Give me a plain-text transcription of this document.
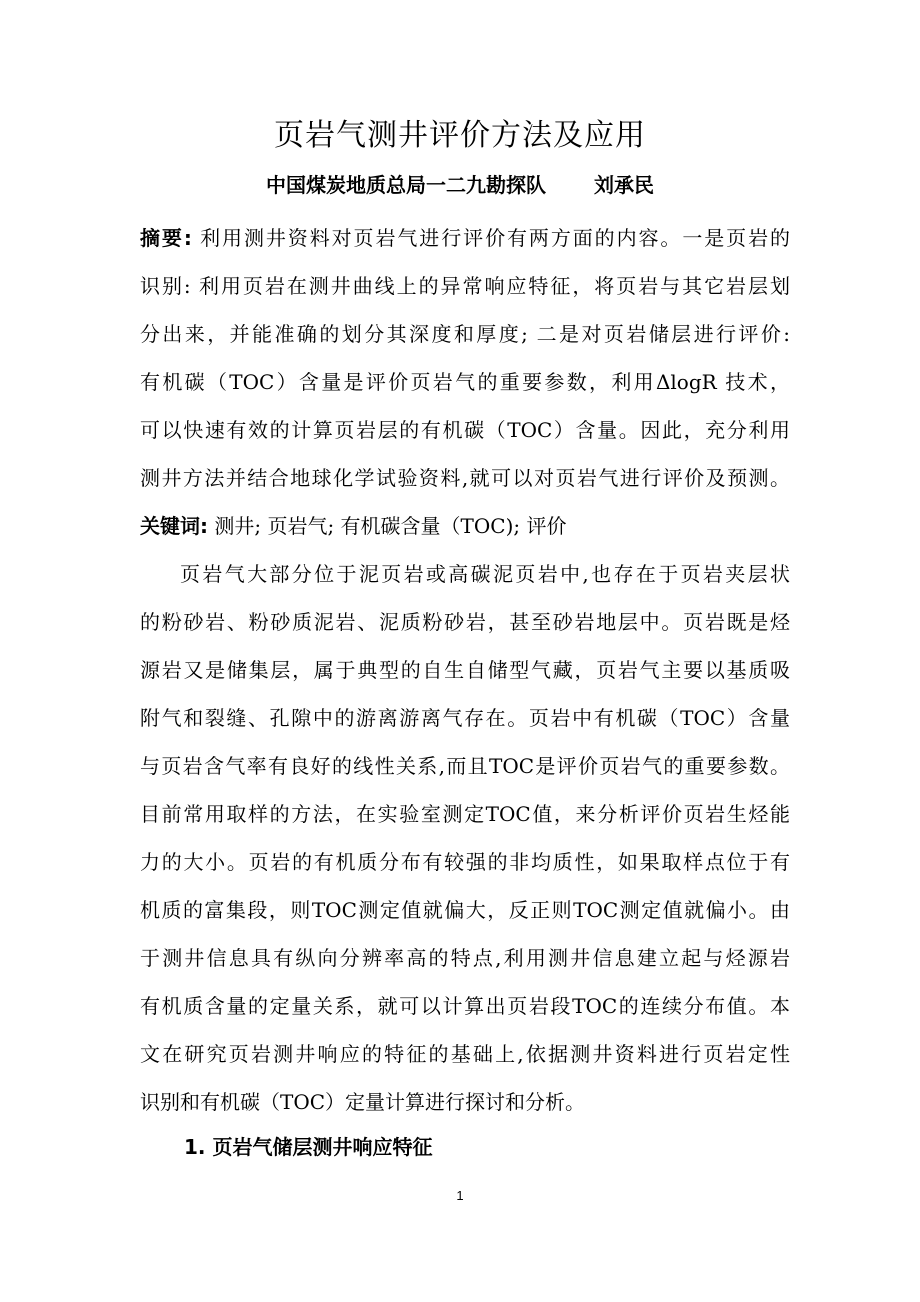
页岩气测井评价方法及应用
中国煤炭地质总局一二九勘探队 刘承民
摘要: 利用测井资料对页岩气进行评价有两方面的内容。一是页岩的
识别: 利用页岩在测井曲线上的异常响应特征，将页岩与其它岩层划
分出来，并能准确的划分其深度和厚度; 二是对页岩储层进行评价:
有机碳（TOC）含量是评价页岩气的重要参数，利用ΔlogR 技术，
可以快速有效的计算页岩层的有机碳（TOC）含量。因此，充分利用
测井方法并结合地球化学试验资料,就可以对页岩气进行评价及预测。
关键词: 测井; 页岩气; 有机碳含量（TOC); 评价
页岩气大部分位于泥页岩或高碳泥页岩中,也存在于页岩夹层状
的粉砂岩、粉砂质泥岩、泥质粉砂岩，甚至砂岩地层中。页岩既是烃
源岩又是储集层，属于典型的自生自储型气藏，页岩气主要以基质吸
附气和裂缝、孔隙中的游离游离气存在。页岩中有机碳（TOC）含量
与页岩含气率有良好的线性关系,而且TOC是评价页岩气的重要参数。
目前常用取样的方法，在实验室测定TOC值，来分析评价页岩生烃能
力的大小。页岩的有机质分布有较强的非均质性，如果取样点位于有
机质的富集段，则TOC测定值就偏大，反正则TOC测定值就偏小。由
于测井信息具有纵向分辨率高的特点,利用测井信息建立起与烃源岩
有机质含量的定量关系，就可以计算出页岩段TOC的连续分布值。本
文在研究页岩测井响应的特征的基础上,依据测井资料进行页岩定性
识别和有机碳（TOC）定量计算进行探讨和分析。
1. 页岩气储层测井响应特征
1
